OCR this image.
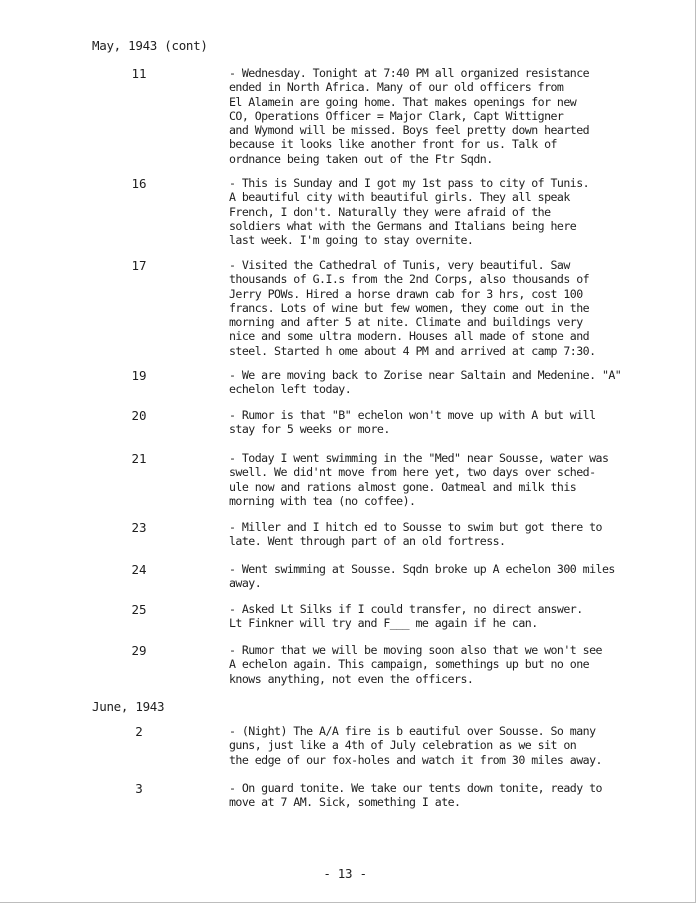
May, 1943 (cont)
11	- Wednesday. Tonight at 7:40 PM all organized resistance
ended in North Africa. Many of our old officers from
El Alamein are going home. That makes openings for new
CO, Operations Officer = Major Clark, Capt Wittigner
and Wymond will be missed. Boys feel pretty down hearted
because it looks like another front for us. Talk of
ordnance being taken out of the Ftr Sqdn.
16	- This is Sunday and I got my 1st pass to city of Tunis.
A beautiful city with beautiful girls. They all speak
French, I don't. Naturally they were afraid of the
soldiers what with the Germans and Italians being here
last week. I'm going to stay overnite.
17	- Visited the Cathedral of Tunis, very beautiful. Saw
thousands of G.I.s from the 2nd Corps, also thousands of
Jerry POWs. Hired a horse drawn cab for 3 hrs, cost 100
francs. Lots of wine but few women, they come out in the
morning and after 5 at nite. Climate and buildings very
nice and some ultra modern. Houses all made of stone and
steel. Started h ome about 4 PM and arrived at camp 7:30.
19	- We are moving back to Zorise near Saltain and Medenine. "A"
echelon left today.
20	- Rumor is that "B" echelon won't move up with A but will
stay for 5 weeks or more.
21	- Today I went swimming in the "Med" near Sousse, water was
swell. We did'nt move from here yet, two days over sched-
ule now and rations almost gone. Oatmeal and milk this
morning with tea (no coffee).
23	- Miller and I hitch ed to Sousse to swim but got there to
late. Went through part of an old fortress.
24	- Went swimming at Sousse. Sqdn broke up A echelon 300 miles
away.
25	- Asked Lt Silks if I could transfer, no direct answer.
Lt Finkner will try and F___ me again if he can.
29	- Rumor that we will be moving soon also that we won't see
A echelon again. This campaign, somethings up but no one
knows anything, not even the officers.
June, 1943
2	- (Night) The A/A fire is b eautiful over Sousse. So many
guns, just like a 4th of July celebration as we sit on
the edge of our fox-holes and watch it from 30 miles away.
3	- On guard tonite. We take our tents down tonite, ready to
move at 7 AM. Sick, something I ate.
- 13 -
